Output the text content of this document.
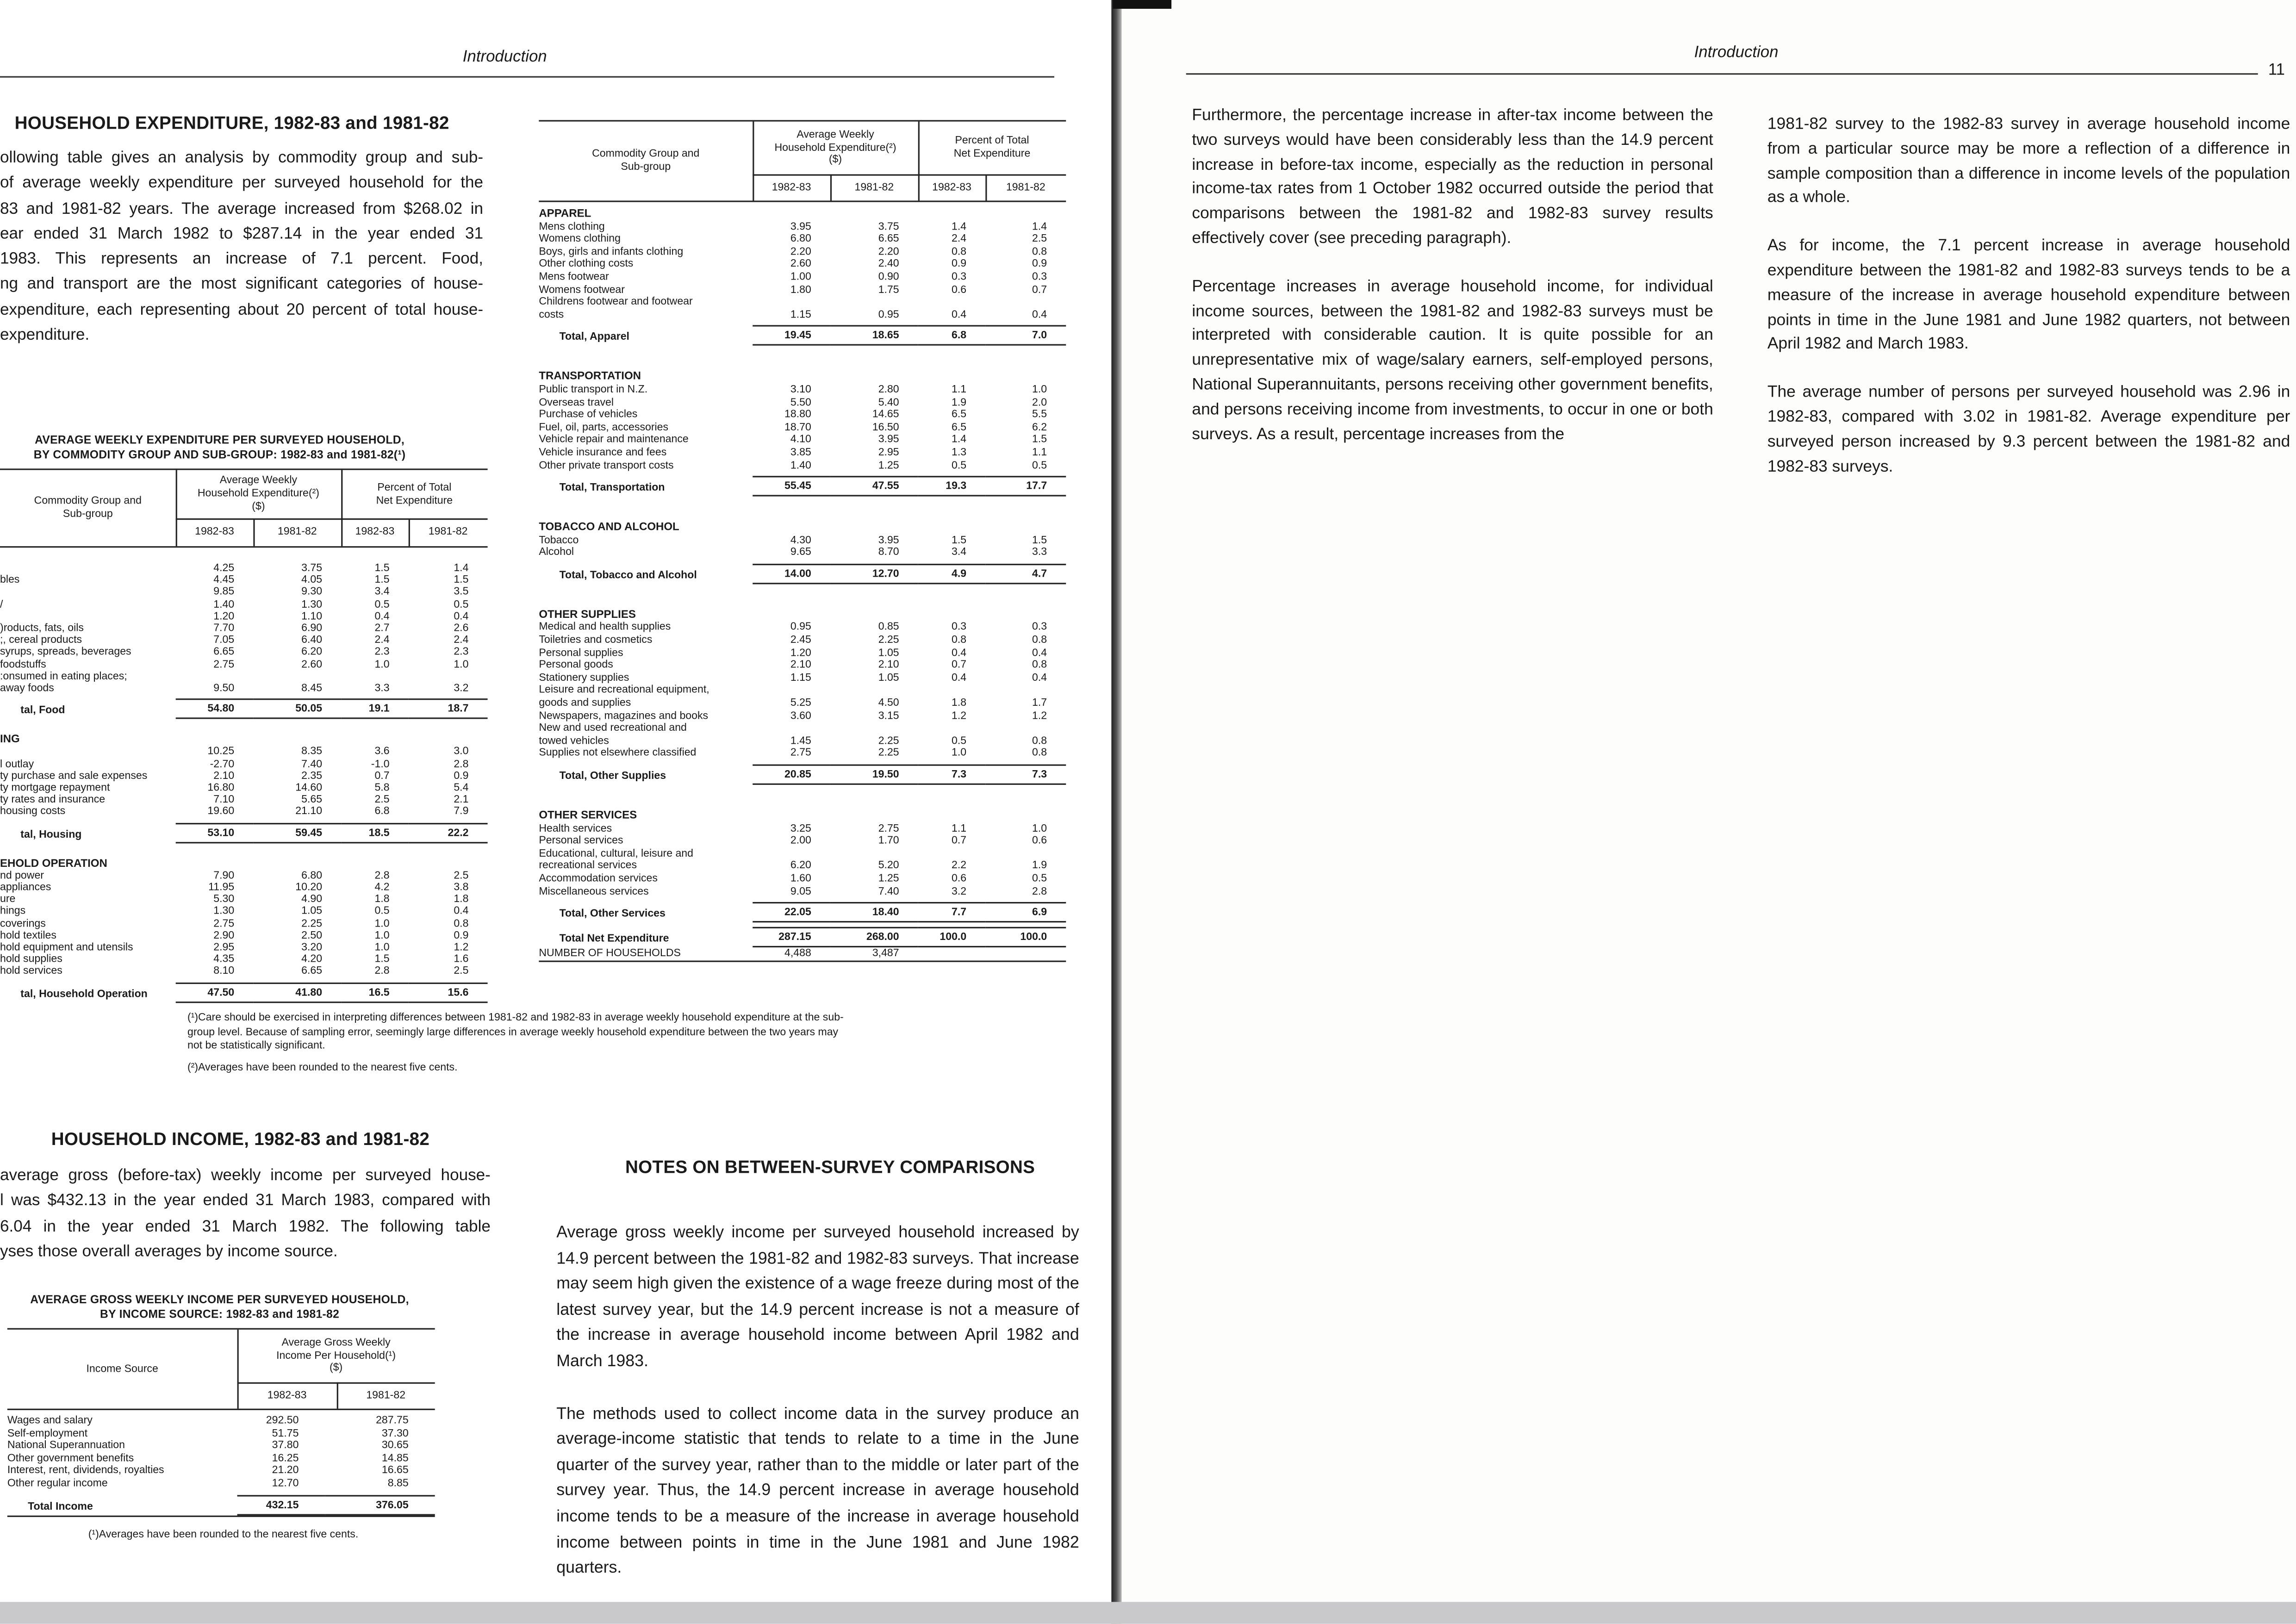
Introduction
HOUSEHOLD EXPENDITURE, 1982-83 and 1981-82
ollowing table gives an analysis by commodity group and sub-
of average weekly expenditure per surveyed household for the
83 and 1981-82 years. The average increased from $268.02 in
ear ended 31 March 1982 to $287.14 in the year ended 31
1983. This represents an increase of 7.1 percent. Food,
ng and transport are the most significant categories of house-
expenditure, each representing about 20 percent of total house-
expenditure.
AVERAGE WEEKLY EXPENDITURE PER SURVEYED HOUSEHOLD,
BY COMMODITY GROUP AND SUB-GROUP: 1982-83 and 1981-82(¹)
Commodity Group and
Sub-group
Average Weekly
Household Expenditure(²)
($)
Percent of Total
Net Expenditure
1982-83	1981-82	1982-83	1981-82
4.25	3.75	1.5	1.4
bles	4.45	4.05	1.5	1.5
9.85	9.30	3.4	3.5
/	1.40	1.30	0.5	0.5
1.20	1.10	0.4	0.4
)roducts, fats, oils	7.70	6.90	2.7	2.6
;, cereal products	7.05	6.40	2.4	2.4
syrups, spreads, beverages	6.65	6.20	2.3	2.3
foodstuffs	2.75	2.60	1.0	1.0
:onsumed in eating places;
away foods	9.50	8.45	3.3	3.2
tal, Food	54.80	50.05	19.1	18.7
ING
10.25	8.35	3.6	3.0
l outlay	-2.70	7.40	-1.0	2.8
ty purchase and sale expenses	2.10	2.35	0.7	0.9
ty mortgage repayment	16.80	14.60	5.8	5.4
ty rates and insurance	7.10	5.65	2.5	2.1
housing costs	19.60	21.10	6.8	7.9
tal, Housing	53.10	59.45	18.5	22.2
EHOLD OPERATION
nd power	7.90	6.80	2.8	2.5
appliances	11.95	10.20	4.2	3.8
ure	5.30	4.90	1.8	1.8
hings	1.30	1.05	0.5	0.4
coverings	2.75	2.25	1.0	0.8
hold textiles	2.90	2.50	1.0	0.9
hold equipment and utensils	2.95	3.20	1.0	1.2
hold supplies	4.35	4.20	1.5	1.6
hold services	8.10	6.65	2.8	2.5
tal, Household Operation	47.50	41.80	16.5	15.6
Commodity Group and
Sub-group
Average Weekly
Household Expenditure(²)
($)
Percent of Total
Net Expenditure
1982-83	1981-82	1982-83	1981-82
APPAREL
Mens clothing	3.95	3.75	1.4	1.4
Womens clothing	6.80	6.65	2.4	2.5
Boys, girls and infants clothing	2.20	2.20	0.8	0.8
Other clothing costs	2.60	2.40	0.9	0.9
Mens footwear	1.00	0.90	0.3	0.3
Womens footwear	1.80	1.75	0.6	0.7
Childrens footwear and footwear
costs	1.15	0.95	0.4	0.4
Total, Apparel	19.45	18.65	6.8	7.0
TRANSPORTATION
Public transport in N.Z.	3.10	2.80	1.1	1.0
Overseas travel	5.50	5.40	1.9	2.0
Purchase of vehicles	18.80	14.65	6.5	5.5
Fuel, oil, parts, accessories	18.70	16.50	6.5	6.2
Vehicle repair and maintenance	4.10	3.95	1.4	1.5
Vehicle insurance and fees	3.85	2.95	1.3	1.1
Other private transport costs	1.40	1.25	0.5	0.5
Total, Transportation	55.45	47.55	19.3	17.7
TOBACCO AND ALCOHOL
Tobacco	4.30	3.95	1.5	1.5
Alcohol	9.65	8.70	3.4	3.3
Total, Tobacco and Alcohol	14.00	12.70	4.9	4.7
OTHER SUPPLIES
Medical and health supplies	0.95	0.85	0.3	0.3
Toiletries and cosmetics	2.45	2.25	0.8	0.8
Personal supplies	1.20	1.05	0.4	0.4
Personal goods	2.10	2.10	0.7	0.8
Stationery supplies	1.15	1.05	0.4	0.4
Leisure and recreational equipment,
goods and supplies	5.25	4.50	1.8	1.7
Newspapers, magazines and books	3.60	3.15	1.2	1.2
New and used recreational and
towed vehicles	1.45	2.25	0.5	0.8
Supplies not elsewhere classified	2.75	2.25	1.0	0.8
Total, Other Supplies	20.85	19.50	7.3	7.3
OTHER SERVICES
Health services	3.25	2.75	1.1	1.0
Personal services	2.00	1.70	0.7	0.6
Educational, cultural, leisure and
recreational services	6.20	5.20	2.2	1.9
Accommodation services	1.60	1.25	0.6	0.5
Miscellaneous services	9.05	7.40	3.2	2.8
Total, Other Services	22.05	18.40	7.7	6.9
Total Net Expenditure	287.15	268.00	100.0	100.0
NUMBER OF HOUSEHOLDS	4,488	3,487
(¹)Care should be exercised in interpreting differences between 1981-82 and 1982-83 in average weekly household expenditure at the sub-group level. Because of sampling error, seemingly large differences in average weekly household expenditure between the two years may not be statistically significant.
(²)Averages have been rounded to the nearest five cents.
HOUSEHOLD INCOME, 1982-83 and 1981-82
average gross (before-tax) weekly income per surveyed house-
l was $432.13 in the year ended 31 March 1983, compared with
6.04 in the year ended 31 March 1982. The following table
yses those overall averages by income source.
AVERAGE GROSS WEEKLY INCOME PER SURVEYED HOUSEHOLD,
BY INCOME SOURCE: 1982-83 and 1981-82
Income Source
Average Gross Weekly
Income Per Household(¹)
($)
1982-83	1981-82
Wages and salary	292.50	287.75
Self-employment	51.75	37.30
National Superannuation	37.80	30.65
Other government benefits	16.25	14.85
Interest, rent, dividends, royalties	21.20	16.65
Other regular income	12.70	8.85
Total Income	432.15	376.05
(¹)Averages have been rounded to the nearest five cents.
NOTES ON BETWEEN-SURVEY COMPARISONS

Average gross weekly income per surveyed household increased by 14.9 percent between the 1981-82 and 1982-83 surveys. That increase may seem high given the existence of a wage freeze during most of the latest survey year, but the 14.9 percent increase is not a measure of the increase in average household income between April 1982 and March 1983.

The methods used to collect income data in the survey produce an average-income statistic that tends to relate to a time in the June quarter of the survey year, rather than to the middle or later part of the survey year. Thus, the 14.9 percent increase in average household income tends to be a measure of the increase in average household income between points in time in the June 1981 and June 1982 quarters.

Introduction
11

Furthermore, the percentage increase in after-tax income between the two surveys would have been considerably less than the 14.9 percent increase in before-tax income, especially as the reduction in personal income-tax rates from 1 October 1982 occurred outside the period that comparisons between the 1981-82 and 1982-83 survey results effectively cover (see preceding paragraph).

Percentage increases in average household income, for individual income sources, between the 1981-82 and 1982-83 surveys must be interpreted with considerable caution. It is quite possible for an unrepresentative mix of wage/salary earners, self-employed persons, National Superannuitants, persons receiving other government benefits, and persons receiving income from investments, to occur in one or both surveys. As a result, percentage increases from the

1981-82 survey to the 1982-83 survey in average household income from a particular source may be more a reflection of a difference in sample composition than a difference in income levels of the population as a whole.

As for income, the 7.1 percent increase in average household expenditure between the 1981-82 and 1982-83 surveys tends to be a measure of the increase in average household expenditure between points in time in the June 1981 and June 1982 quarters, not between April 1982 and March 1983.

The average number of persons per surveyed household was 2.96 in 1982-83, compared with 3.02 in 1981-82. Average expenditure per surveyed person increased by 9.3 percent between the 1981-82 and 1982-83 surveys.
